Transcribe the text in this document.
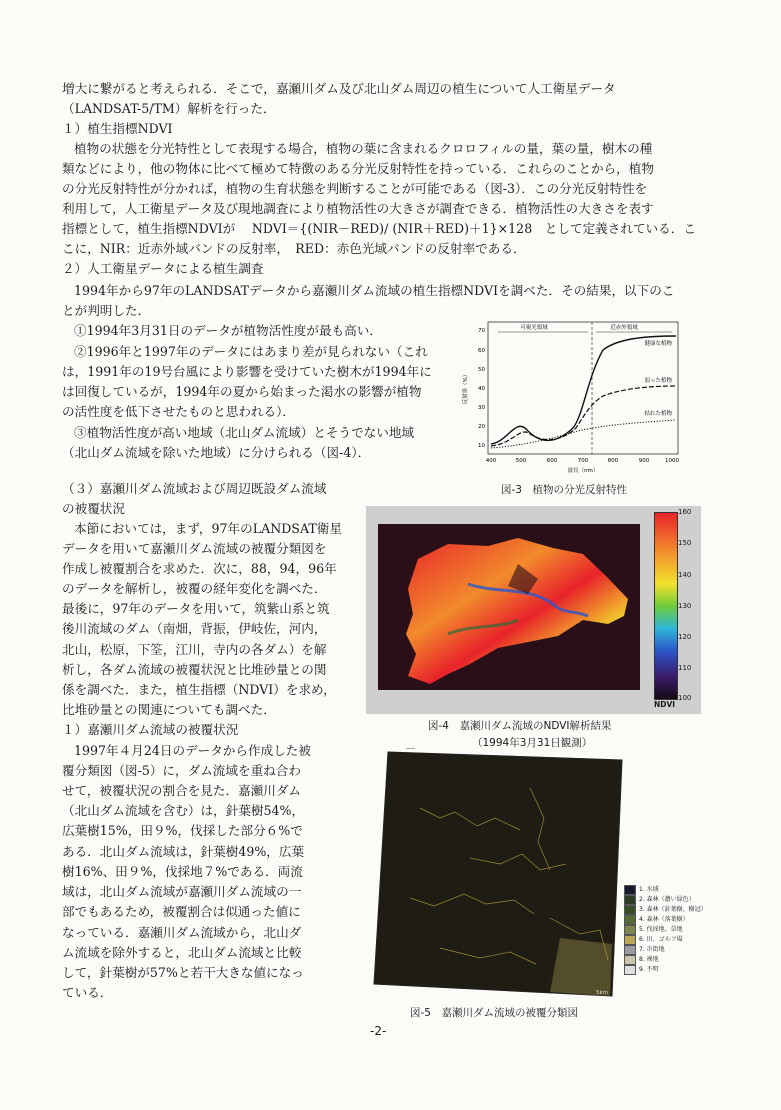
増大に繋がると考えられる．そこで，嘉瀬川ダム及び北山ダム周辺の植生について人工衛星データ
（LANDSAT-5/TM）解析を行った．
１）植生指標NDVI
植物の状態を分光特性として表現する場合，植物の葉に含まれるクロロフィルの量，葉の量，樹木の種
類などにより，他の物体に比べて極めて特徴のある分光反射特性を持っている．これらのことから，植物
の分光反射特性が分かれば，植物の生育状態を判断することが可能である（図-3）．この分光反射特性を
利用して，人工衛星データ及び現地調査により植物活性の大きさが調査できる．植物活性の大きさを表す
指標として，植生指標NDVIが　 NDVI＝{(NIR－RED)/ (NIR＋RED)＋1}×128　として定義されている．こ
こに，NIR：近赤外域バンドの反射率，　RED：赤色光域バンドの反射率である．
２）人工衛星データによる植生調査
1994年から97年のLANDSATデータから嘉瀬川ダム流域の植生指標NDVIを調べた．その結果，以下のこ
とが判明した．
①1994年3月31日のデータが植物活性度が最も高い．
②1996年と1997年のデータにはあまり差が見られない（これ
は，1991年の19号台風により影響を受けていた樹木が1994年に
は回復しているが，1994年の夏から始まった渇水の影響が植物
の活性度を低下させたものと思われる）．
③植物活性度が高い地域（北山ダム流域）とそうでない地域
（北山ダム流域を除いた地域）に分けられる（図-4）．
可視光領域	近赤外領域
70
60
50
40
30
20
10
反射率（%）
400	500	600	700	800	900	1000
波長（nm）
健康な植物
弱った植物
枯れた植物
図-3　植物の分光反射特性
（３）嘉瀬川ダム流域および周辺既設ダム流域
の被覆状況
本節においては，まず，97年のLANDSAT衛星
データを用いて嘉瀬川ダム流域の被覆分類図を
作成し被覆割合を求めた．次に，88，94，96年
のデータを解析し，被覆の経年変化を調べた．
最後に，97年のデータを用いて，筑紫山系と筑
後川流域のダム（南畑，背振，伊岐佐，河内，
北山，松原，下筌，江川，寺内の各ダム）を解
析し，各ダム流域の被覆状況と比堆砂量との関
係を調べた．また，植生指標（NDVI）を求め，
比堆砂量との関連についても調べた．
１）嘉瀬川ダム流域の被覆状況
1997年４月24日のデータから作成した被
覆分類図（図-5）に，ダム流域を重ね合わ
せて，被覆状況の割合を見た．嘉瀬川ダム
（北山ダム流域を含む）は，針葉樹54%，
広葉樹15%，田９%，伐採した部分６%で
ある．北山ダム流域は，針葉樹49%，広葉
樹16%、田９%，伐採地７%である．両流
域は，北山ダム流域が嘉瀬川ダム流域の一
部でもあるため，被覆割合は似通った値に
なっている．嘉瀬川ダム流域から，北山ダ
ム流域を除外すると，北山ダム流域と比較
して，針葉樹が57%と若干大きな値になっ
ている．
160
150
140
130
120
110
100
NDVI
図-4　嘉瀬川ダム流域のNDVI解析結果
（1994年3月31日観測）
───
5km
1. 水域
2. 森林（濃い緑色）
3. 森林（針葉樹、樹冠）
4. 森林（落葉樹）
5. 伐採地、草地
6. 田、ゴルフ場
7. 市街地
8. 裸地
9. 不明
図-5　嘉瀬川ダム流域の被覆分類図
-2-
